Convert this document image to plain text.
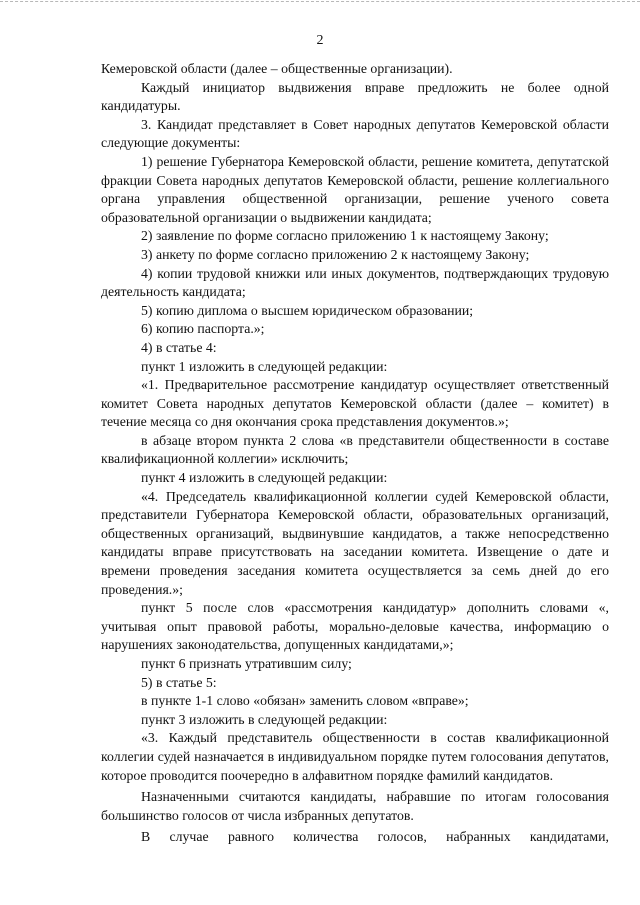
2

Кемеровской области (далее – общественные организации).

Каждый инициатор выдвижения вправе предложить не более одной кандидатуры.

3. Кандидат представляет в Совет народных депутатов Кемеровской области следующие документы:

1) решение Губернатора Кемеровской области, решение комитета, депутатской фракции Совета народных депутатов Кемеровской области, решение коллегиального органа управления общественной организации, решение ученого совета образовательной организации о выдвижении кандидата;

2) заявление по форме согласно приложению 1 к настоящему Закону;

3) анкету по форме согласно приложению 2 к настоящему Закону;

4) копии трудовой книжки или иных документов, подтверждающих трудовую деятельность кандидата;

5) копию диплома о высшем юридическом образовании;

6) копию паспорта.»;

4) в статье 4:

пункт 1 изложить в следующей редакции:

«1. Предварительное рассмотрение кандидатур осуществляет ответственный комитет Совета народных депутатов Кемеровской области (далее – комитет) в течение месяца со дня окончания срока представления документов.»;

в абзаце втором пункта 2 слова «в представители общественности в составе квалификационной коллегии» исключить;

пункт 4 изложить в следующей редакции:

«4. Председатель квалификационной коллегии судей Кемеровской области, представители Губернатора Кемеровской области, образовательных организаций, общественных организаций, выдвинувшие кандидатов, а также непосредственно кандидаты вправе присутствовать на заседании комитета. Извещение о дате и времени проведения заседания комитета осуществляется за семь дней до его проведения.»;

пункт 5 после слов «рассмотрения кандидатур» дополнить словами «, учитывая опыт правовой работы, морально-деловые качества, информацию о нарушениях законодательства, допущенных кандидатами,»;

пункт 6 признать утратившим силу;

5) в статье 5:

в пункте 1-1 слово «обязан» заменить словом «вправе»;

пункт 3 изложить в следующей редакции:

«3. Каждый представитель общественности в состав квалификационной коллегии судей назначается в индивидуальном порядке путем голосования депутатов, которое проводится поочередно в алфавитном порядке фамилий кандидатов.

Назначенными считаются кандидаты, набравшие по итогам голосования большинство голосов от числа избранных депутатов.

В случае равного количества голосов, набранных кандидатами,
